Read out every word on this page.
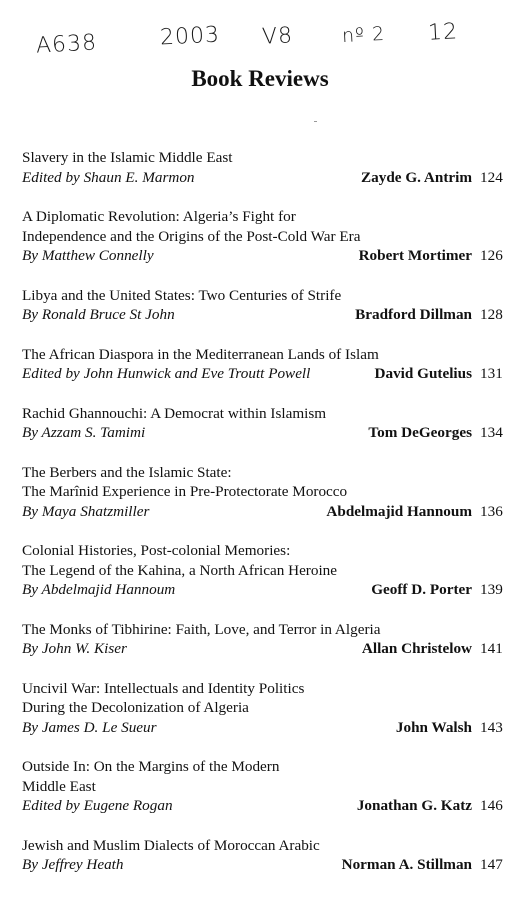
A638	2003 V8	nº 2 12
Book Reviews
Slavery in the Islamic Middle East
Edited by Shaun E. Marmon	Zayde G. Antrim 124
A Diplomatic Revolution: Algeria’s Fight for
Independence and the Origins of the Post-Cold War Era
By Matthew Connelly	Robert Mortimer 126
Libya and the United States: Two Centuries of Strife
By Ronald Bruce St John	Bradford Dillman 128
The African Diaspora in the Mediterranean Lands of Islam
Edited by John Hunwick and Eve Troutt Powell	David Gutelius 131
Rachid Ghannouchi: A Democrat within Islamism
By Azzam S. Tamimi	Tom DeGeorges 134
The Berbers and the Islamic State:
The Marînid Experience in Pre-Protectorate Morocco
By Maya Shatzmiller	Abdelmajid Hannoum 136
Colonial Histories, Post-colonial Memories:
The Legend of the Kahina, a North African Heroine
By Abdelmajid Hannoum	Geoff D. Porter 139
The Monks of Tibhirine: Faith, Love, and Terror in Algeria
By John W. Kiser	Allan Christelow 141
Uncivil War: Intellectuals and Identity Politics
During the Decolonization of Algeria
By James D. Le Sueur	John Walsh 143
Outside In: On the Margins of the Modern
Middle East
Edited by Eugene Rogan	Jonathan G. Katz 146
Jewish and Muslim Dialects of Moroccan Arabic
By Jeffrey Heath	Norman A. Stillman 147
